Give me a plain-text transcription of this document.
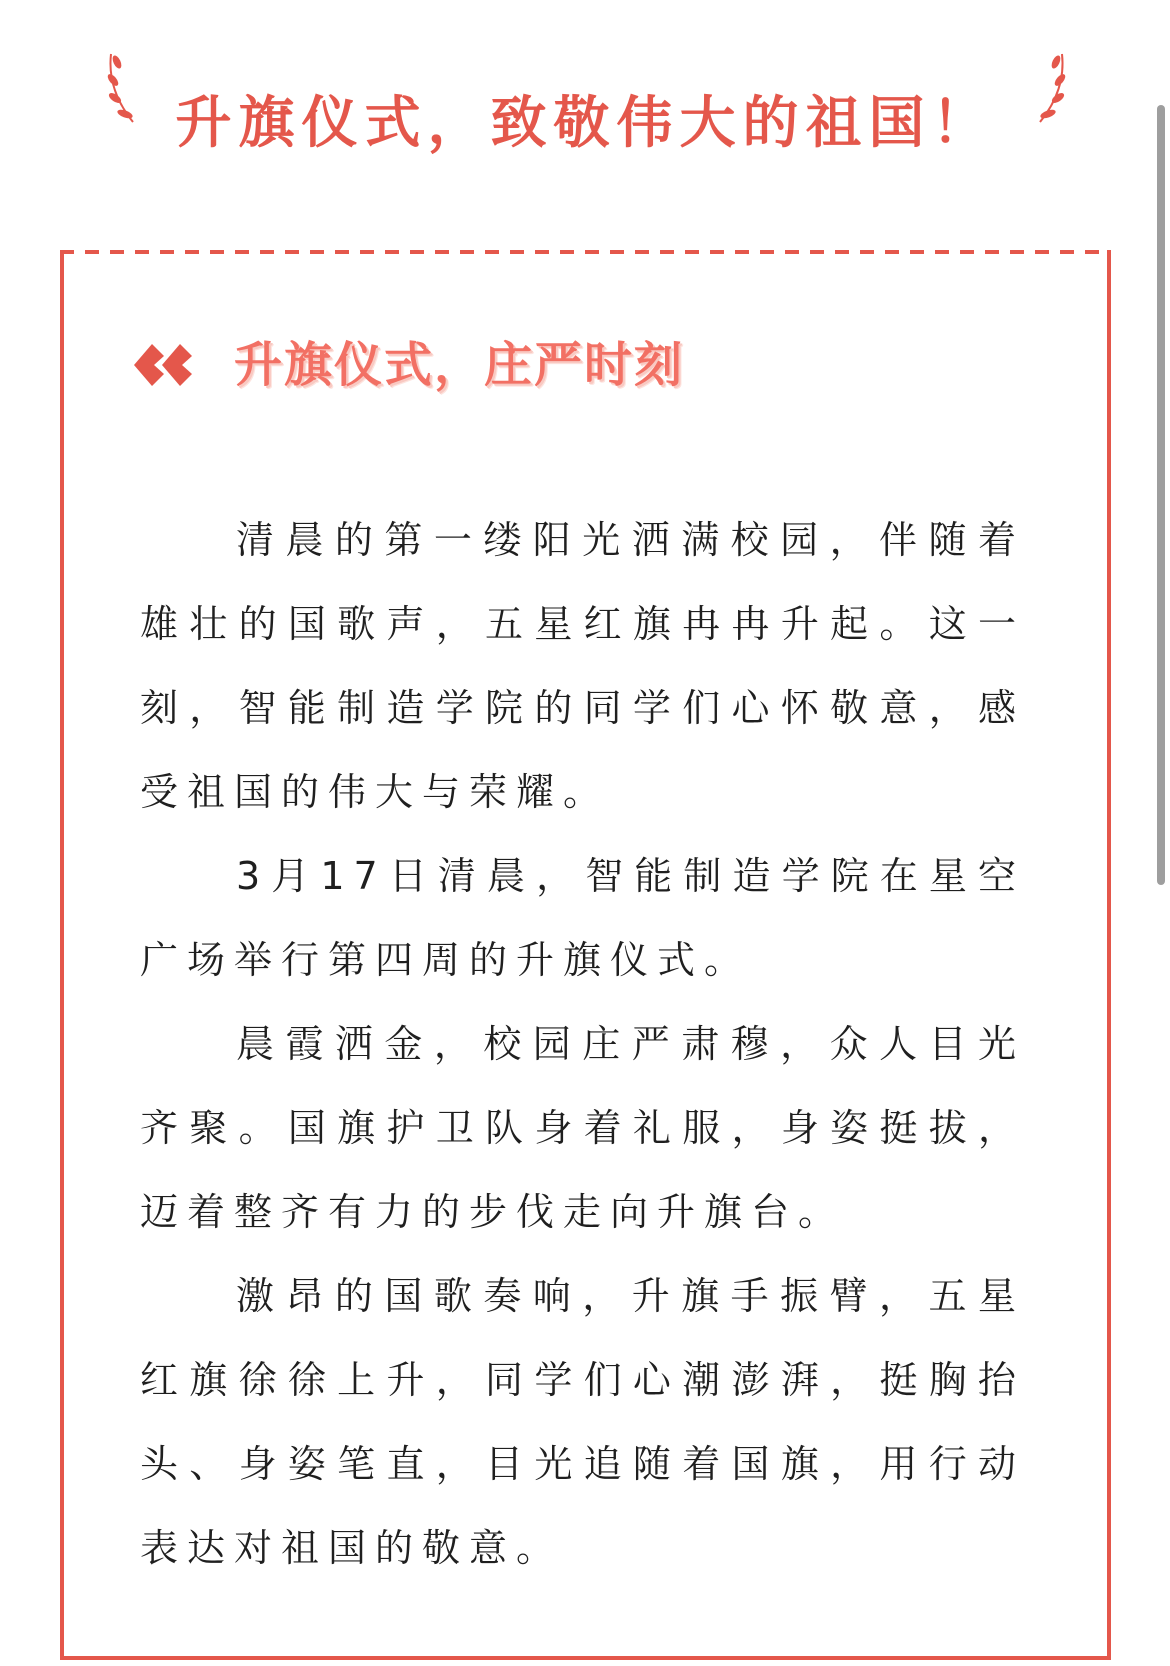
升旗仪式，致敬伟大的祖国！
升旗仪式，庄严时刻

清晨的第一缕阳光洒满校园，伴随着雄壮的国歌声，五星红旗冉冉升起。这一刻，智能制造学院的同学们心怀敬意，感受祖国的伟大与荣耀。

3月17日清晨，智能制造学院在星空广场举行第四周的升旗仪式。

晨霞洒金，校园庄严肃穆，众人目光齐聚。国旗护卫队身着礼服，身姿挺拔，迈着整齐有力的步伐走向升旗台。

激昂的国歌奏响，升旗手振臂，五星红旗徐徐上升，同学们心潮澎湃，挺胸抬头、身姿笔直，目光追随着国旗，用行动表达对祖国的敬意。
